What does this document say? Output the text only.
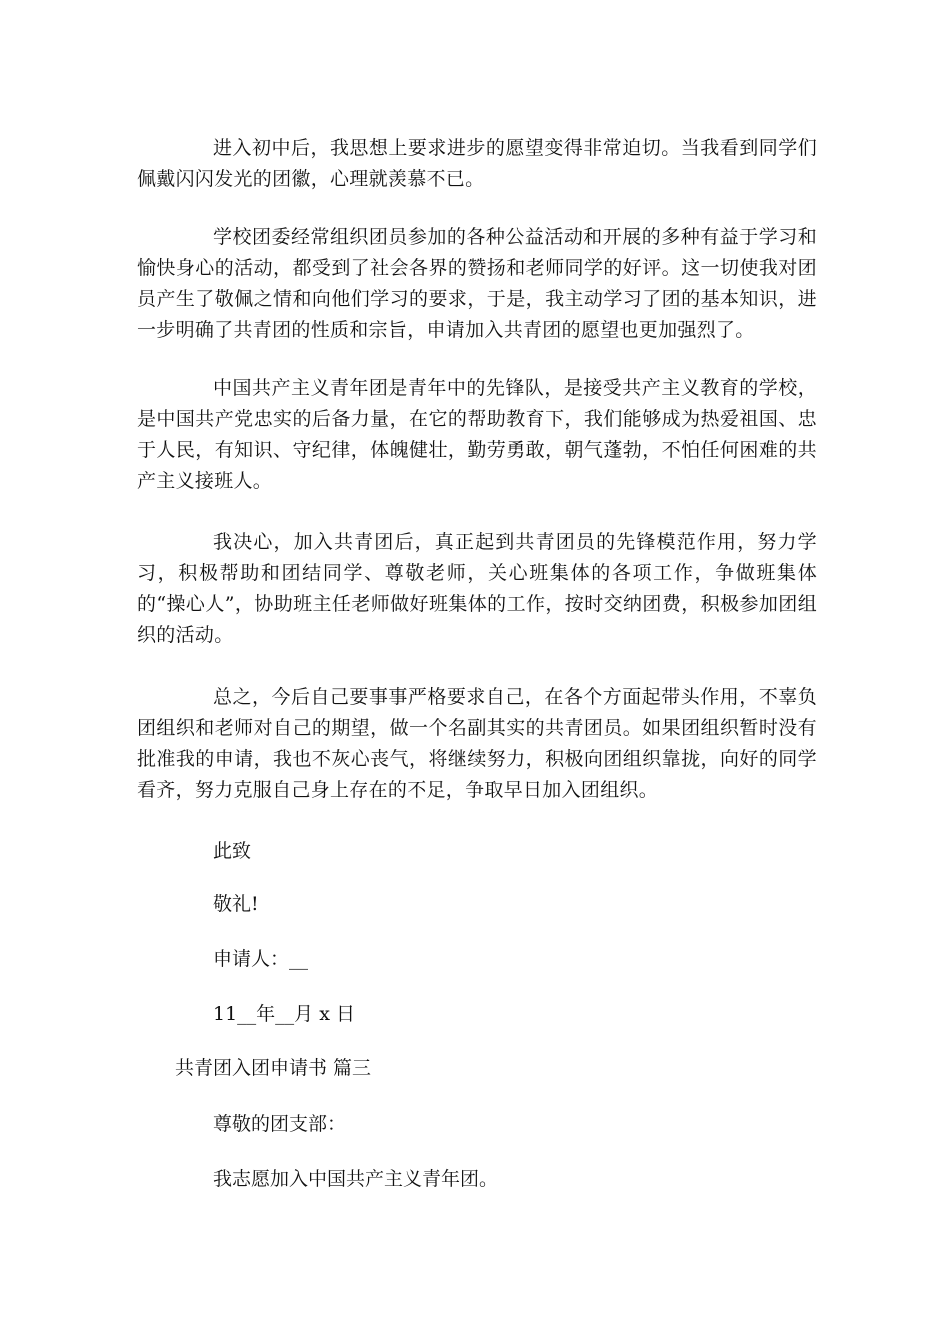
进入初中后，我思想上要求进步的愿望变得非常迫切。当我看到同学们佩戴闪闪发光的团徽，心理就羡慕不已。

学校团委经常组织团员参加的各种公益活动和开展的多种有益于学习和愉快身心的活动，都受到了社会各界的赞扬和老师同学的好评。这一切使我对团员产生了敬佩之情和向他们学习的要求，于是，我主动学习了团的基本知识，进一步明确了共青团的性质和宗旨，申请加入共青团的愿望也更加强烈了。

中国共产主义青年团是青年中的先锋队，是接受共产主义教育的学校，是中国共产党忠实的后备力量，在它的帮助教育下，我们能够成为热爱祖国、忠于人民，有知识、守纪律，体魄健壮，勤劳勇敢，朝气蓬勃，不怕任何困难的共产主义接班人。

我决心，加入共青团后，真正起到共青团员的先锋模范作用，努力学习，积极帮助和团结同学、尊敬老师，关心班集体的各项工作，争做班集体的“操心人”，协助班主任老师做好班集体的工作，按时交纳团费，积极参加团组织的活动。

总之，今后自己要事事严格要求自己，在各个方面起带头作用，不辜负团组织和老师对自己的期望，做一个名副其实的共青团员。如果团组织暂时没有批准我的申请，我也不灰心丧气，将继续努力，积极向团组织靠拢，向好的同学看齐，努力克服自己身上存在的不足，争取早日加入团组织。

此致

敬礼!

申请人：__

11__年__月 x 日

共青团入团申请书 篇三

尊敬的团支部：

我志愿加入中国共产主义青年团。
